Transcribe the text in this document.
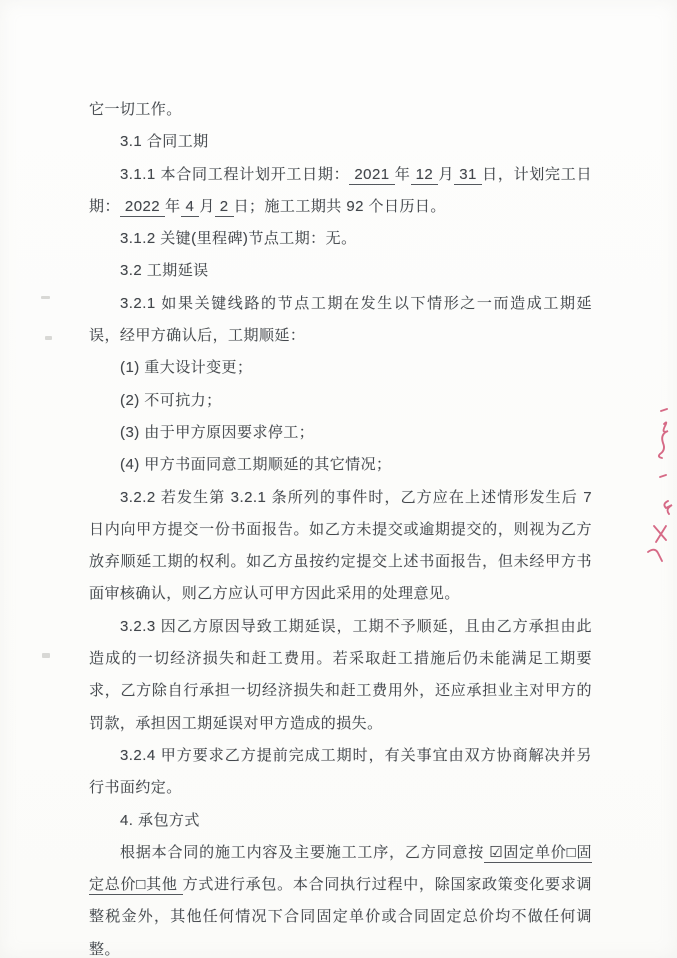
它一切工作。

3.1 合同工期

3.1.1 本合同工程计划开工日期： 2021 年 12 月 31 日，计划完工日期： 2022 年 4 月 2 日；施工工期共 92 个日历日。

3.1.2 关键(里程碑)节点工期：无。

3.2 工期延误

3.2.1 如果关键线路的节点工期在发生以下情形之一而造成工期延误，经甲方确认后，工期顺延：

(1) 重大设计变更；

(2) 不可抗力；

(3) 由于甲方原因要求停工；

(4) 甲方书面同意工期顺延的其它情况；

3.2.2 若发生第 3.2.1 条所列的事件时，乙方应在上述情形发生后 7 日内向甲方提交一份书面报告。如乙方未提交或逾期提交的，则视为乙方放弃顺延工期的权利。如乙方虽按约定提交上述书面报告，但未经甲方书面审核确认，则乙方应认可甲方因此采用的处理意见。

3.2.3 因乙方原因导致工期延误，工期不予顺延，且由乙方承担由此造成的一切经济损失和赶工费用。若采取赶工措施后仍未能满足工期要求，乙方除自行承担一切经济损失和赶工费用外，还应承担业主对甲方的罚款，承担因工期延误对甲方造成的损失。

3.2.4 甲方要求乙方提前完成工期时，有关事宜由双方协商解决并另行书面约定。

4. 承包方式

根据本合同的施工内容及主要施工工序，乙方同意按 ☑固定单价□固定总价□其他 方式进行承包。本合同执行过程中，除国家政策变化要求调整税金外，其他任何情况下合同固定单价或合同固定总价均不做任何调整。
